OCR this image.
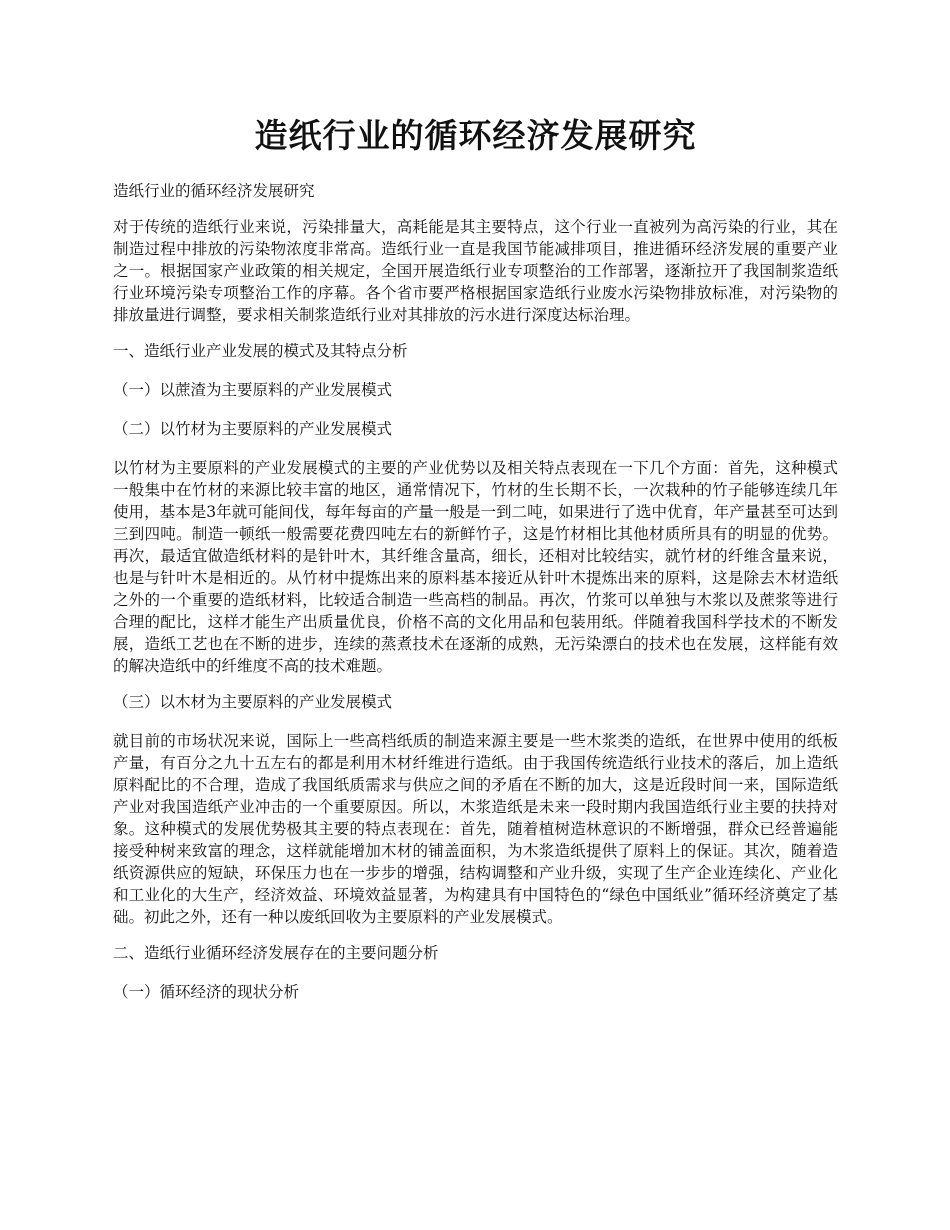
造纸行业的循环经济发展研究

造纸行业的循环经济发展研究

对于传统的造纸行业来说，污染排量大，高耗能是其主要特点，这个行业一直被列为高污染的行业，其在制造过程中排放的污染物浓度非常高。造纸行业一直是我国节能减排项目，推进循环经济发展的重要产业之一。根据国家产业政策的相关规定，全国开展造纸行业专项整治的工作部署，逐渐拉开了我国制浆造纸行业环境污染专项整治工作的序幕。各个省市要严格根据国家造纸行业废水污染物排放标准，对污染物的排放量进行调整，要求相关制浆造纸行业对其排放的污水进行深度达标治理。

一、造纸行业产业发展的模式及其特点分析

（一）以蔗渣为主要原料的产业发展模式

（二）以竹材为主要原料的产业发展模式

以竹材为主要原料的产业发展模式的主要的产业优势以及相关特点表现在一下几个方面：首先，这种模式一般集中在竹材的来源比较丰富的地区，通常情况下，竹材的生长期不长，一次栽种的竹子能够连续几年使用，基本是3年就可能间伐，每年每亩的产量一般是一到二吨，如果进行了选中优育，年产量甚至可达到三到四吨。制造一顿纸一般需要花费四吨左右的新鲜竹子，这是竹材相比其他材质所具有的明显的优势。再次，最适宜做造纸材料的是针叶木，其纤维含量高，细长，还相对比较结实，就竹材的纤维含量来说，也是与针叶木是相近的。从竹材中提炼出来的原料基本接近从针叶木提炼出来的原料，这是除去木材造纸之外的一个重要的造纸材料，比较适合制造一些高档的制品。再次，竹浆可以单独与木浆以及蔗浆等进行合理的配比，这样才能生产出质量优良，价格不高的文化用品和包装用纸。伴随着我国科学技术的不断发展，造纸工艺也在不断的进步，连续的蒸煮技术在逐渐的成熟，无污染漂白的技术也在发展，这样能有效的解决造纸中的纤维度不高的技术难题。

（三）以木材为主要原料的产业发展模式

就目前的市场状况来说，国际上一些高档纸质的制造来源主要是一些木浆类的造纸，在世界中使用的纸板产量，有百分之九十五左右的都是利用木材纤维进行造纸。由于我国传统造纸行业技术的落后，加上造纸原料配比的不合理，造成了我国纸质需求与供应之间的矛盾在不断的加大，这是近段时间一来，国际造纸产业对我国造纸产业冲击的一个重要原因。所以，木浆造纸是未来一段时期内我国造纸行业主要的扶持对象。这种模式的发展优势极其主要的特点表现在：首先，随着植树造林意识的不断增强，群众已经普遍能接受种树来致富的理念，这样就能增加木材的铺盖面积，为木浆造纸提供了原料上的保证。其次，随着造纸资源供应的短缺，环保压力也在一步步的增强，结构调整和产业升级，实现了生产企业连续化、产业化和工业化的大生产，经济效益、环境效益显著，为构建具有中国特色的“绿色中国纸业”循环经济奠定了基础。初此之外，还有一种以废纸回收为主要原料的产业发展模式。

二、造纸行业循环经济发展存在的主要问题分析

（一）循环经济的现状分析
